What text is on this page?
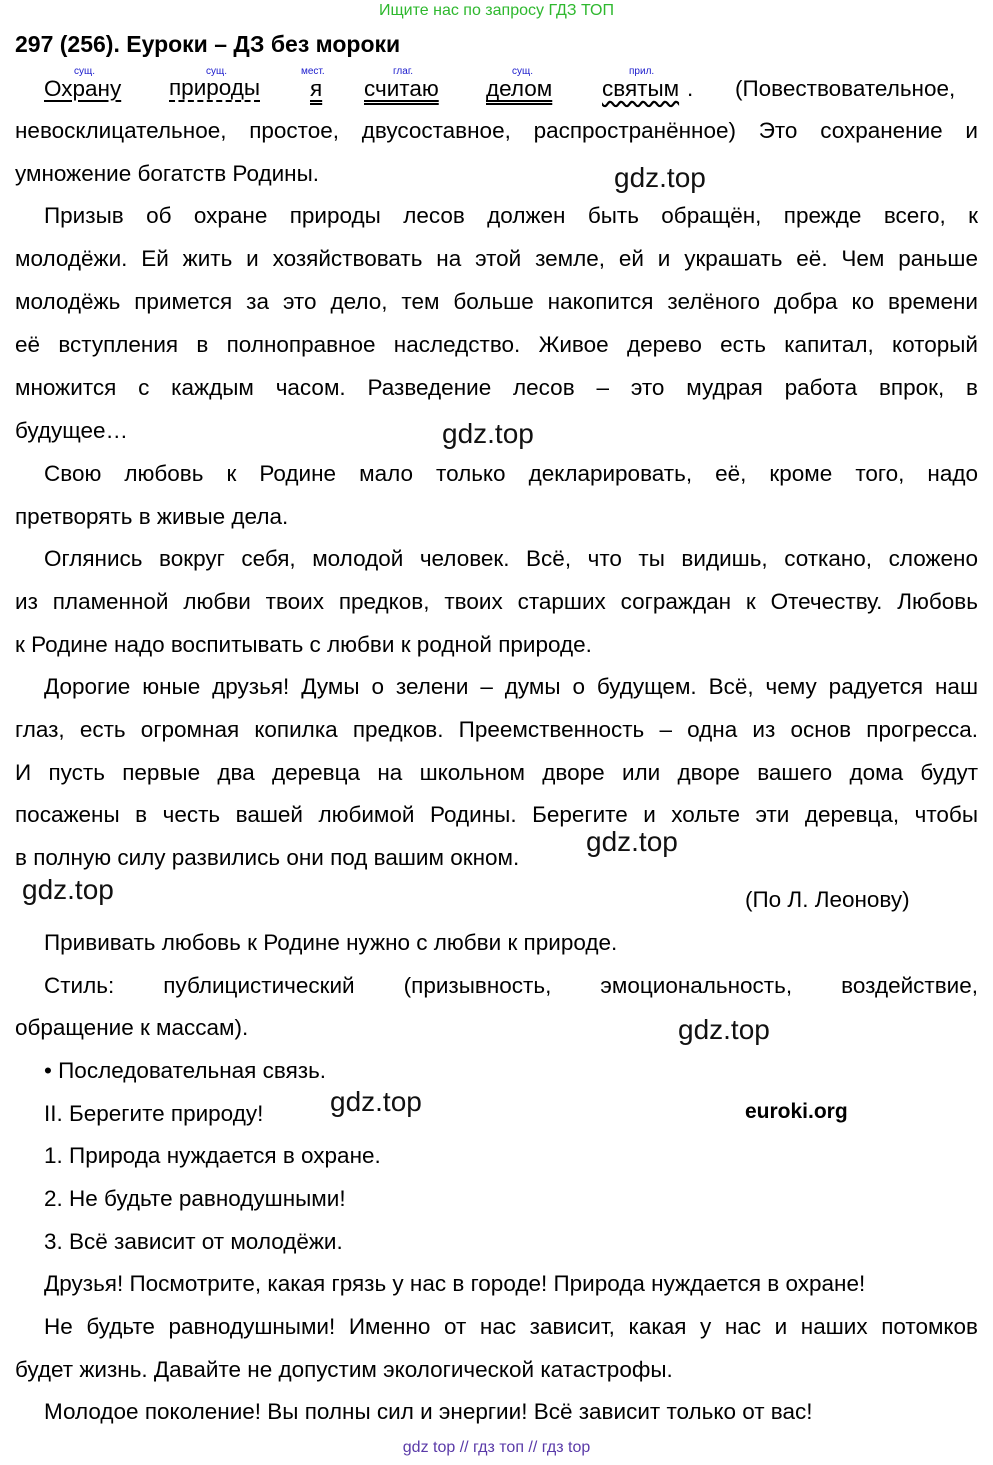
Ищите нас по запросу ГДЗ ТОП
297 (256). Еуроки – ДЗ без мороки
сущ.	сущ.	мест.	глаг.	сущ.	прил.
Охрану природы я считаю делом святым . (Повествовательное,
невосклицательное, простое, двусоставное, распространённое) Это сохранение и
умножение богатств Родины.
Призыв об охране природы лесов должен быть обращён, прежде всего, к
молодёжи. Ей жить и хозяйствовать на этой земле, ей и украшать её. Чем раньше
молодёжь примется за это дело, тем больше накопится зелёного добра ко времени
её вступления в полноправное наследство. Живое дерево есть капитал, который
множится с каждым часом. Разведение лесов – это мудрая работа впрок, в
будущее…
Свою любовь к Родине мало только декларировать, её, кроме того, надо
претворять в живые дела.
Оглянись вокруг себя, молодой человек. Всё, что ты видишь, соткано, сложено
из пламенной любви твоих предков, твоих старших сограждан к Отечеству. Любовь
к Родине надо воспитывать с любви к родной природе.
Дорогие юные друзья! Думы о зелени – думы о будущем. Всё, чему радуется наш
глаз, есть огромная копилка предков. Преемственность – одна из основ прогресса.
И пусть первые два деревца на школьном дворе или дворе вашего дома будут
посажены в честь вашей любимой Родины. Берегите и хольте эти деревца, чтобы
в полную силу развились они под вашим окном.
(По Л. Леонову)
Прививать любовь к Родине нужно с любви к природе.
Стиль: публицистический (призывность, эмоциональность, воздействие,
обращение к массам).
• Последовательная связь.
II. Берегите природу!
1. Природа нуждается в охране.
2. Не будьте равнодушными!
3. Всё зависит от молодёжи.
Друзья! Посмотрите, какая грязь у нас в городе! Природа нуждается в охране!
Не будьте равнодушными! Именно от нас зависит, какая у нас и наших потомков
будет жизнь. Давайте не допустим экологической катастрофы.
Молодое поколение! Вы полны сил и энергии! Всё зависит только от вас!
gdz.top
gdz.top
gdz.top
gdz.top
gdz.top
gdz.top	euroki.org
gdz top // гдз топ // гдз top
